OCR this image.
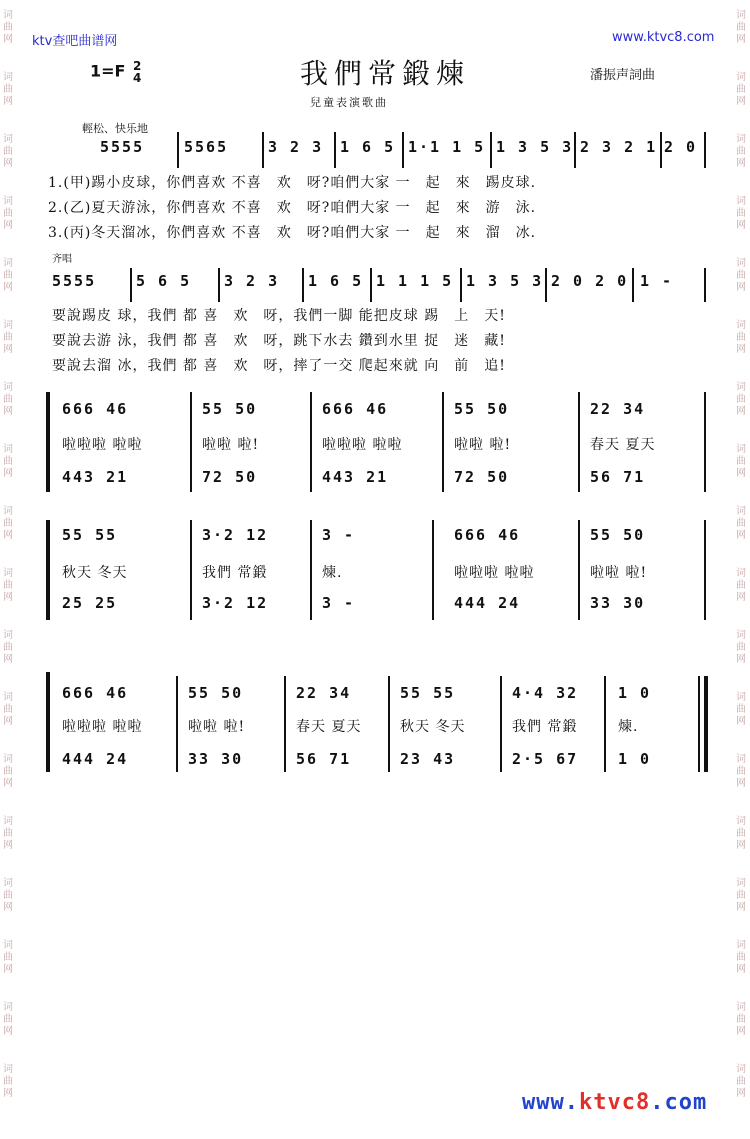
词曲网
词曲网
词曲网
词曲网
词曲网
词曲网
词曲网
词曲网
词曲网
词曲网
词曲网
词曲网
词曲网
词曲网
词曲网
词曲网
词曲网
词曲网
词曲网
词曲网
词曲网
词曲网
词曲网
词曲网
词曲网
词曲网
词曲网
词曲网
词曲网
词曲网
词曲网
词曲网
词曲网
词曲网
词曲网
词曲网
ktv查吧曲谱网	www.ktvc8.com
1=F 2
4	我們常鍛煉	潘振声詞曲
兒童表演歌曲
輕松、快乐地
5555	5565	3 2 3 1 6 5 1·1 1 5 1 3 5 3 2 3 2 1 2 0
1.(甲)踢小皮球，你們喜欢 不喜　欢　呀?咱們大家 一　起　來　踢皮球.
2.(乙)夏天游泳，你們喜欢 不喜　欢　呀?咱們大家 一　起　來　游　泳.
3.(丙)冬天溜冰，你們喜欢 不喜　欢　呀?咱們大家 一　起　來　溜　冰.
齐唱
5555	5 6 5 3 2 3 1 6 5 1 1 1 5 1 3 5 3 2 0 2 0 1 -
要說踢皮 球，我們 都 喜　欢　呀，我們一脚 能把皮球 踢　上　天!
要說去游 泳，我們 都 喜　欢　呀，跳下水去 鑽到水里 捉　迷　藏!
要說去溜 冰，我們 都 喜　欢　呀，摔了一交 爬起來就 向　前　追!
666 46	55 50	666 46	55 50	22 34
啦啦啦 啦啦	啦啦 啦!	啦啦啦 啦啦	啦啦 啦!	春天 夏天
443 21	72 50	443 21	72 50	56 71
55 55	3·2 12	3 -	666 46	55 50
秋天 冬天	我們 常鍛	煉.	啦啦啦 啦啦	啦啦 啦!
25 25	3·2 12	3 -	444 24	33 30
666 46	55 50	22 34	55 55	4·4 32	1 0
啦啦啦 啦啦	啦啦 啦!	春天 夏天	秋天 冬天	我們 常鍛	煉.
444 24	33 30	56 71	23 43	2·5 67	1 0
www.ktvc8.com
